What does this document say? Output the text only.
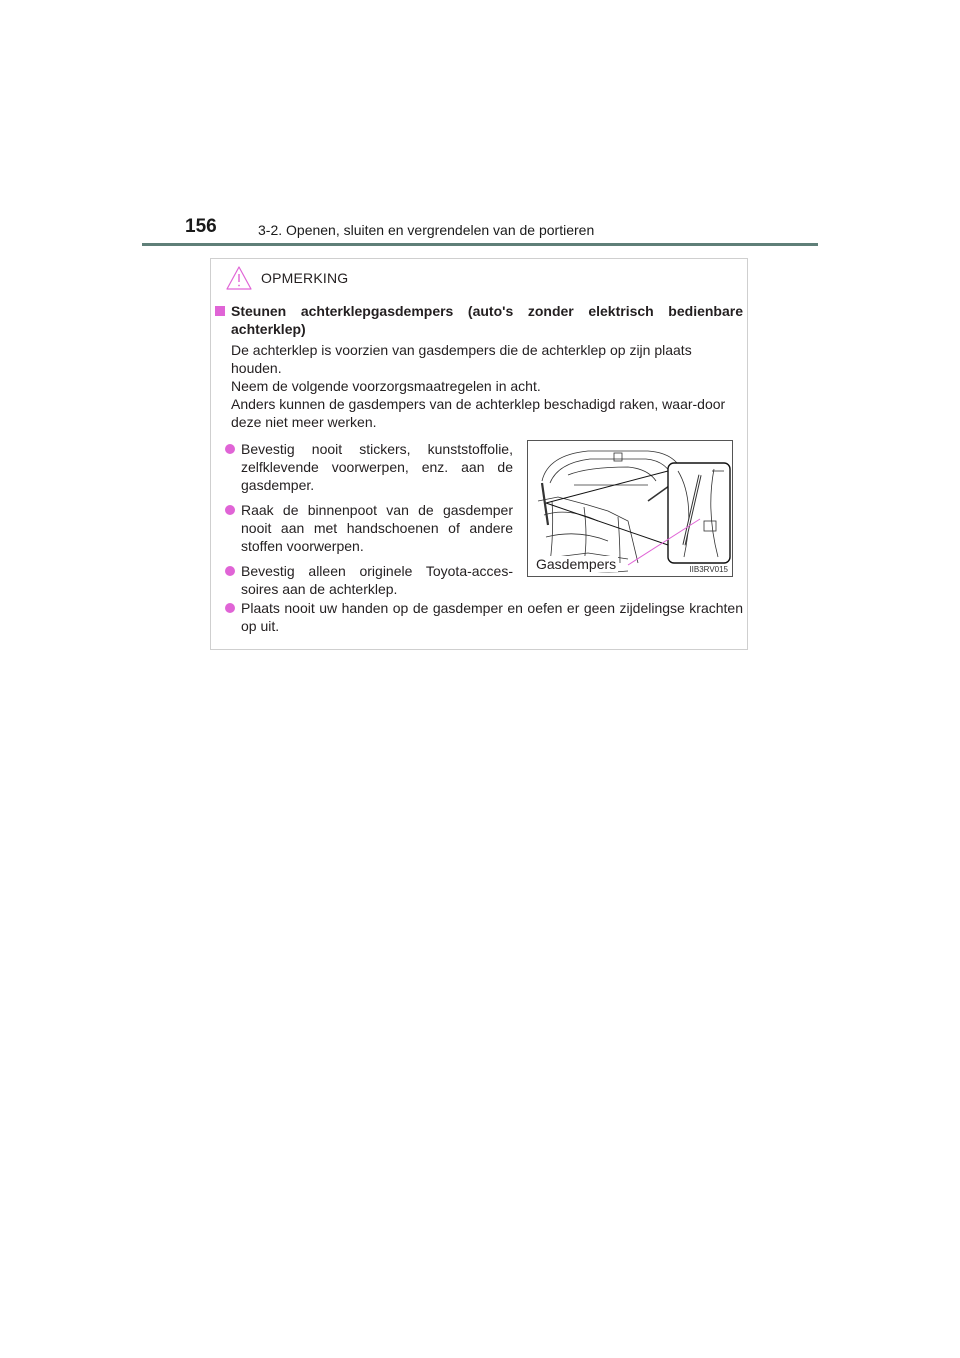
156	3-2. Openen, sluiten en vergrendelen van de portieren
OPMERKING
Steunen achterklepgasdempers (auto's zonder elektrisch bedienbare achterklep)

De achterklep is voorzien van gasdempers die de achterklep op zijn plaats houden.

Neem de volgende voorzorgsmaatregelen in acht.

Anders kunnen de gasdempers van de achterklep beschadigd raken, waar-door deze niet meer werken.

Bevestig nooit stickers, kunststoffolie, zelfklevende voorwerpen, enz. aan de gasdemper.
Raak de binnenpoot van de gasdemper nooit aan met handschoenen of andere stoffen voorwerpen.
Bevestig alleen originele Toyota-acces-soires aan de achterklep.
Gasdempers	IIB3RV015
Plaats nooit uw handen op de gasdemper en oefen er geen zijdelingse krachten op uit.
